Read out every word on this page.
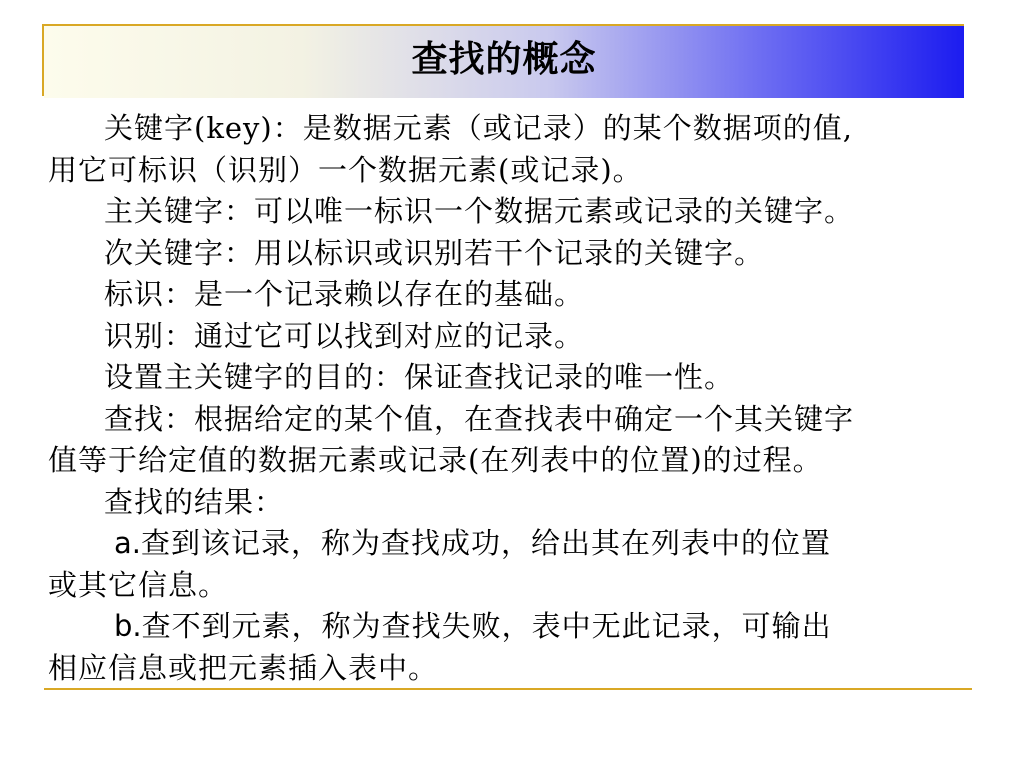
查找的概念

关键字(key)：是数据元素（或记录）的某个数据项的值,

用它可标识（识别）一个数据元素(或记录)。

主关键字：可以唯一标识一个数据元素或记录的关键字。

次关键字：用以标识或识别若干个记录的关键字。

标识：是一个记录赖以存在的基础。

识别：通过它可以找到对应的记录。

设置主关键字的目的：保证查找记录的唯一性。

查找：根据给定的某个值，在查找表中确定一个其关键字

值等于给定值的数据元素或记录(在列表中的位置)的过程。

查找的结果：

a.查到该记录，称为查找成功，给出其在列表中的位置

或其它信息。

b.查不到元素，称为查找失败，表中无此记录，可输出

相应信息或把元素插入表中。
